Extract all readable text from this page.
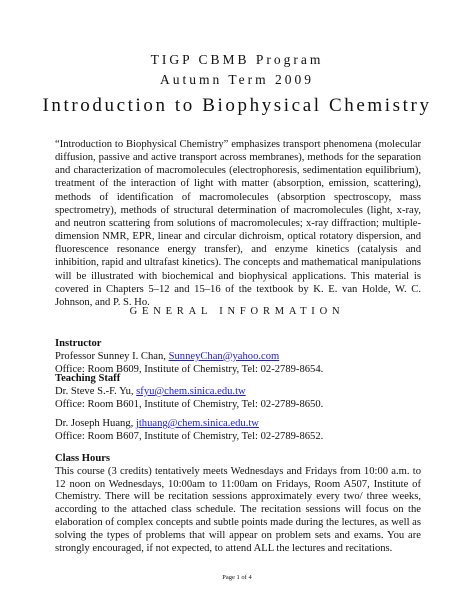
TIGP CBMB Program
Autumn Term 2009
Introduction to Biophysical Chemistry
“Introduction to Biophysical Chemistry” emphasizes transport phenomena (molecular diffusion, passive and active transport across membranes), methods for the separation and characterization of macromolecules (electrophoresis, sedimentation equilibrium), treatment of the interaction of light with matter (absorption, emission, scattering), methods of identification of macromolecules (absorption spectroscopy, mass spectrometry), methods of structural determination of macromolecules (light, x-ray, and neutron scattering from solutions of macromolecules; x-ray diffraction; multiple-dimension NMR, EPR, linear and circular dichroism, optical rotatory dispersion, and fluorescence resonance energy transfer), and enzyme kinetics (catalysis and inhibition, rapid and ultrafast kinetics). The concepts and mathematical manipulations will be illustrated with biochemical and biophysical applications. This material is covered in Chapters 5–12 and 15–16 of the textbook by K. E. van Holde, W. C. Johnson, and P. S. Ho.
GENERAL INFORMATION
Instructor
Professor Sunney I. Chan, SunneyChan@yahoo.com
Office: Room B609, Institute of Chemistry, Tel: 02-2789-8654.
Teaching Staff
Dr. Steve S.-F. Yu, sfyu@chem.sinica.edu.tw
Office: Room B601, Institute of Chemistry, Tel: 02-2789-8650.
Dr. Joseph Huang, jthuang@chem.sinica.edu.tw
Office: Room B607, Institute of Chemistry, Tel: 02-2789-8652.
Class Hours
This course (3 credits) tentatively meets Wednesdays and Fridays from 10:00 a.m. to 12 noon on Wednesdays, 10:00am to 11:00am on Fridays, Room A507, Institute of Chemistry. There will be recitation sessions approximately every two/ three weeks, according to the attached class schedule. The recitation sessions will focus on the elaboration of complex concepts and subtle points made during the lectures, as well as solving the types of problems that will appear on problem sets and exams. You are strongly encouraged, if not expected, to attend ALL the lectures and recitations.
Page 1 of 4
